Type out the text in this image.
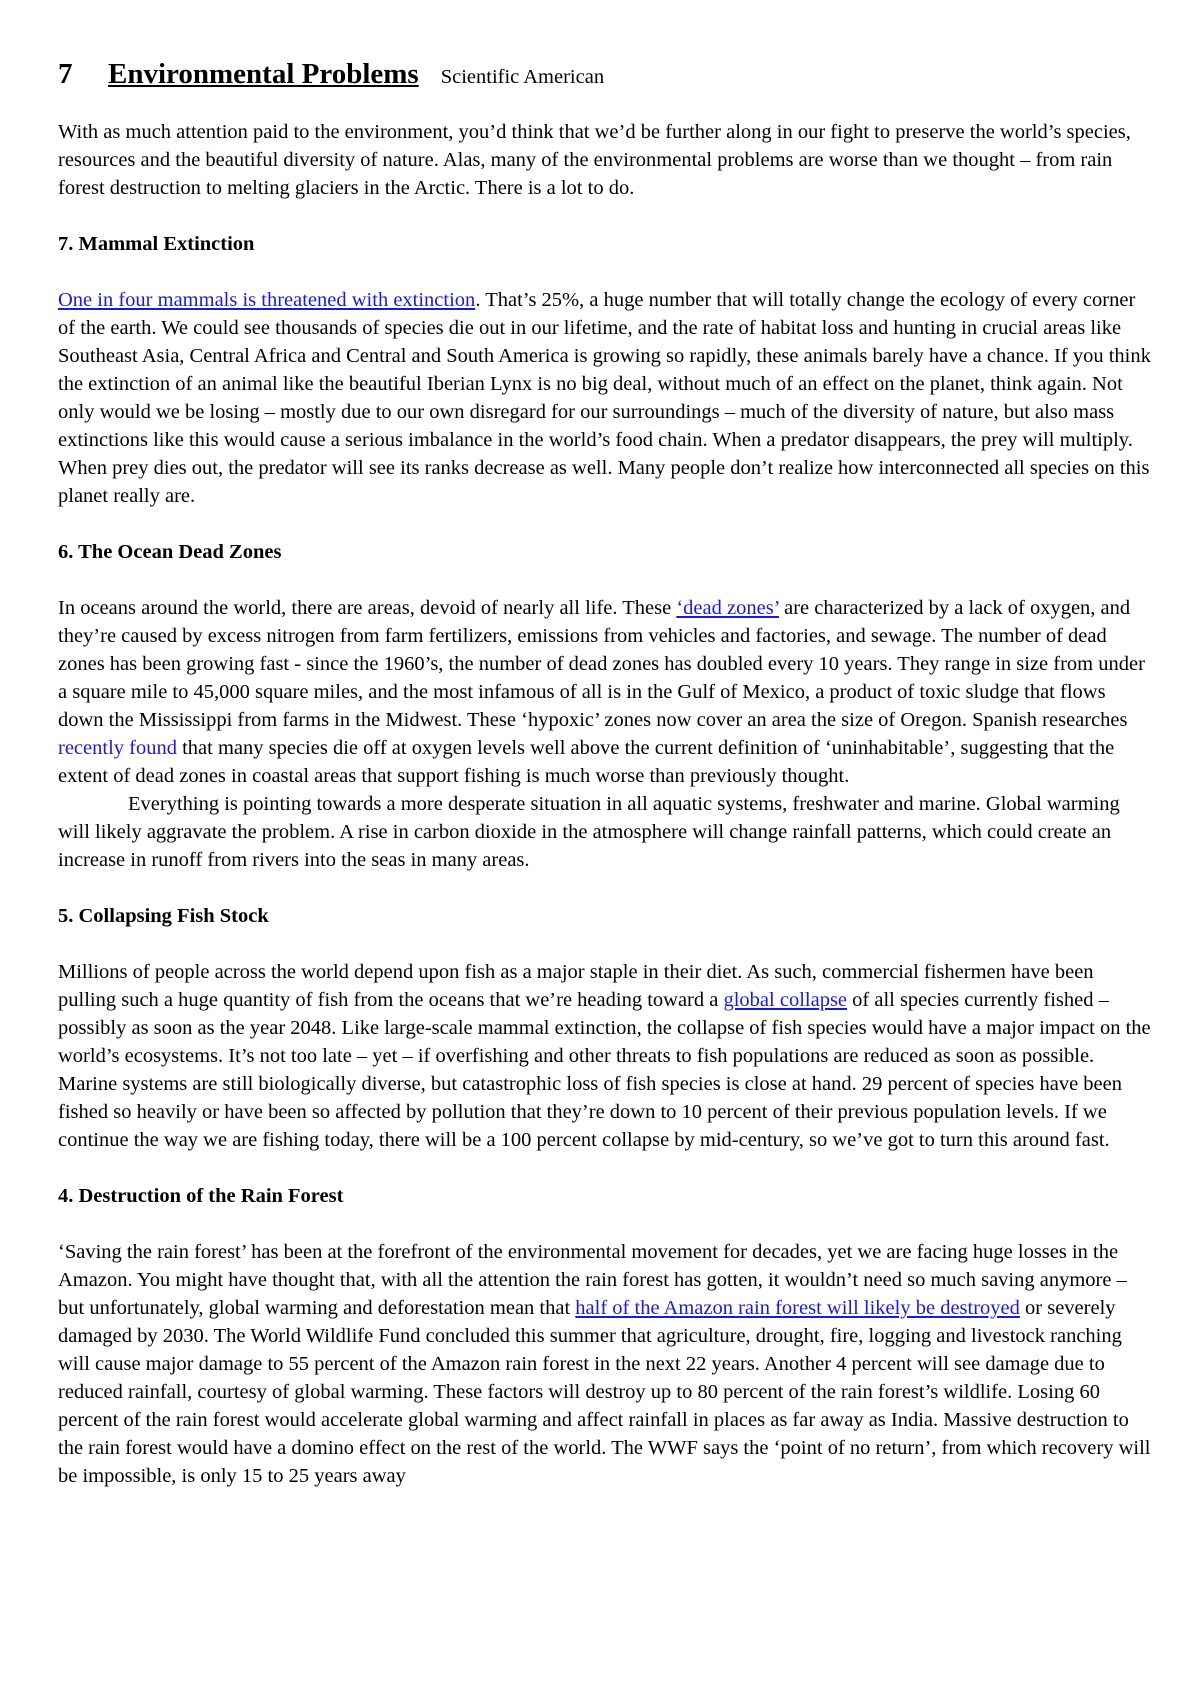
7 Environmental Problems Scientific American

With as much attention paid to the environment, you’d think that we’d be further along in our fight to preserve the world’s species, resources and the beautiful diversity of nature. Alas, many of the environmental problems are worse than we thought – from rain forest destruction to melting glaciers in the Arctic. There is a lot to do.

7. Mammal Extinction

One in four mammals is threatened with extinction. That’s 25%, a huge number that will totally change the ecology of every corner of the earth. We could see thousands of species die out in our lifetime, and the rate of habitat loss and hunting in crucial areas like Southeast Asia, Central Africa and Central and South America is growing so rapidly, these animals barely have a chance. If you think the extinction of an animal like the beautiful Iberian Lynx is no big deal, without much of an effect on the planet, think again. Not only would we be losing – mostly due to our own disregard for our surroundings – much of the diversity of nature, but also mass extinctions like this would cause a serious imbalance in the world’s food chain. When a predator disappears, the prey will multiply. When prey dies out, the predator will see its ranks decrease as well. Many people don’t realize how interconnected all species on this planet really are.

6. The Ocean Dead Zones

In oceans around the world, there are areas, devoid of nearly all life. These ‘dead zones’ are characterized by a lack of oxygen, and they’re caused by excess nitrogen from farm fertilizers, emissions from vehicles and factories, and sewage. The number of dead zones has been growing fast - since the 1960’s, the number of dead zones has doubled every 10 years. They range in size from under a square mile to 45,000 square miles, and the most infamous of all is in the Gulf of Mexico, a product of toxic sludge that flows down the Mississippi from farms in the Midwest. These ‘hypoxic’ zones now cover an area the size of Oregon. Spanish researches recently found that many species die off at oxygen levels well above the current definition of ‘uninhabitable’, suggesting that the extent of dead zones in coastal areas that support fishing is much worse than previously thought.

Everything is pointing towards a more desperate situation in all aquatic systems, freshwater and marine. Global warming will likely aggravate the problem. A rise in carbon dioxide in the atmosphere will change rainfall patterns, which could create an increase in runoff from rivers into the seas in many areas.

5. Collapsing Fish Stock

Millions of people across the world depend upon fish as a major staple in their diet. As such, commercial fishermen have been pulling such a huge quantity of fish from the oceans that we’re heading toward a global collapse of all species currently fished – possibly as soon as the year 2048. Like large-scale mammal extinction, the collapse of fish species would have a major impact on the world’s ecosystems. It’s not too late – yet – if overfishing and other threats to fish populations are reduced as soon as possible. Marine systems are still biologically diverse, but catastrophic loss of fish species is close at hand. 29 percent of species have been fished so heavily or have been so affected by pollution that they’re down to 10 percent of their previous population levels. If we continue the way we are fishing today, there will be a 100 percent collapse by mid-century, so we’ve got to turn this around fast.

4. Destruction of the Rain Forest

‘Saving the rain forest’ has been at the forefront of the environmental movement for decades, yet we are facing huge losses in the Amazon. You might have thought that, with all the attention the rain forest has gotten, it wouldn’t need so much saving anymore – but unfortunately, global warming and deforestation mean that half of the Amazon rain forest will likely be destroyed or severely damaged by 2030. The World Wildlife Fund concluded this summer that agriculture, drought, fire, logging and livestock ranching will cause major damage to 55 percent of the Amazon rain forest in the next 22 years. Another 4 percent will see damage due to reduced rainfall, courtesy of global warming. These factors will destroy up to 80 percent of the rain forest’s wildlife. Losing 60 percent of the rain forest would accelerate global warming and affect rainfall in places as far away as India. Massive destruction to the rain forest would have a domino effect on the rest of the world. The WWF says the ‘point of no return’, from which recovery will be impossible, is only 15 to 25 years away
